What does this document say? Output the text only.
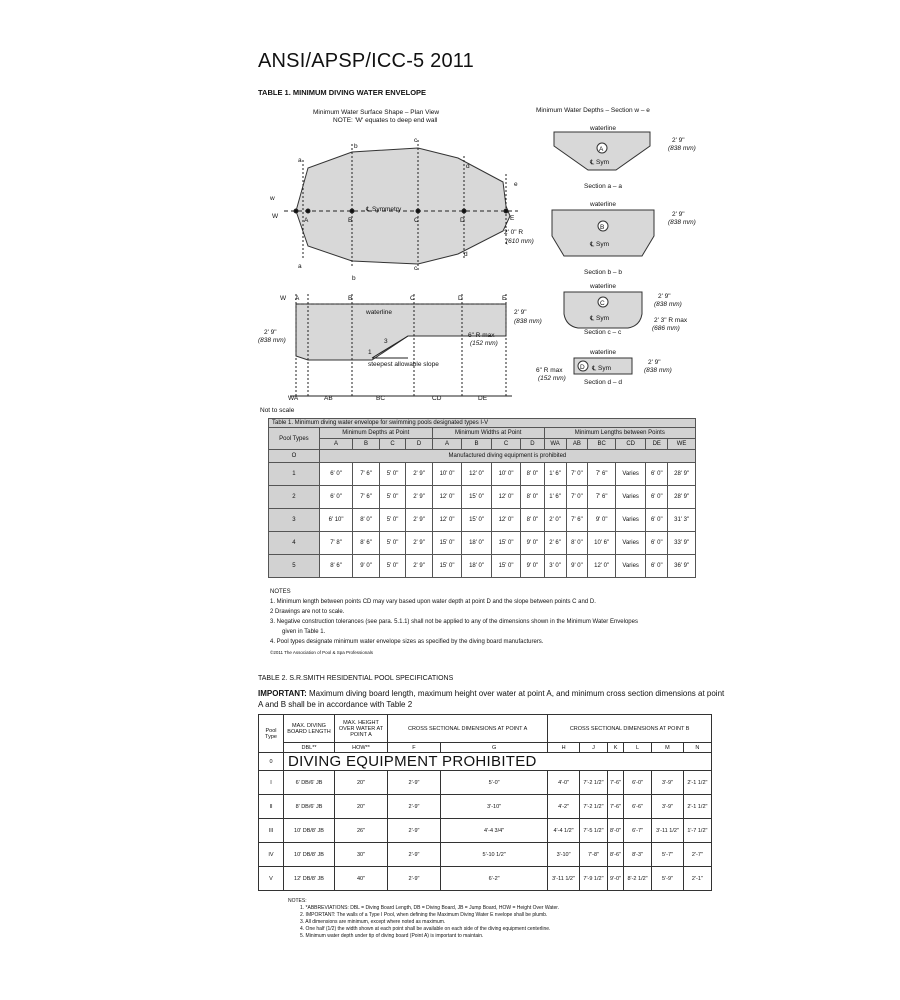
ANSI/APSP/ICC-5 2011
TABLE 1. MINIMUM DIVING WATER ENVELOPE
Minimum Water Surface Shape – Plan View
NOTE: 'W' equates to deep end wall
Minimum Water Depths – Section w – e
W
A	B	C	D	E
w
a
b
c
d
e
a
b
c
d
℄ Symmetry
2' 0" R
(610 mm)
W A	B	C	D	E
waterline
2' 9"
(838 mm)
2' 9"
(838 mm)
6" R max
(152 mm)
3
1
steepest allowable slope
WA	AB	BC	CD	DE
Not to scale
waterline
A
℄ Sym
Section a – a
2' 9"
(838 mm)
waterline
B
℄ Sym
Section b – b
2' 9"
(838 mm)
waterline
C
℄ Sym
Section c – c
2' 9"
(838 mm)
2' 3" R max
(686 mm)
waterline
D ℄ Sym
Section d – d
2' 9"
(838 mm)
6" R max
(152 mm)
Table 1. Minimum diving water envelope for swimming pools designated types I-V														
Pool Types	Minimum Depths at Point				Minimum Widths at Point				Minimum Lengths between Points					
	A	B	C	D	A	B	C	D	WA	AB	BC	CD	DE	WE
O	Manufactured diving equipment is prohibited													
1	6' 0"	7' 6"	5' 0"	2' 9"	10' 0"	12' 0"	10' 0"	8' 0"	1' 6"	7' 0"	7' 6"	Varies	6' 0"	28' 9"
2	6' 0"	7' 6"	5' 0"	2' 9"	12' 0"	15' 0"	12' 0"	8' 0"	1' 6"	7' 0"	7' 6"	Varies	6' 0"	28' 9"
3	6' 10"	8' 0"	5' 0"	2' 9"	12' 0"	15' 0"	12' 0"	8' 0"	2' 0"	7' 6"	9' 0"	Varies	6' 0"	31' 3"
4	7' 8"	8' 6"	5' 0"	2' 9"	15' 0"	18' 0"	15' 0"	9' 0"	2' 6"	8' 0"	10' 6"	Varies	6' 0"	33' 9"
5	8' 6"	9' 0"	5' 0"	2' 9"	15' 0"	18' 0"	15' 0"	9' 0"	3' 0"	9' 0"	12' 0"	Varies	6' 0"	36' 9"
NOTES
1. Minimum length between points CD may vary based upon water depth at point D and the slope between points C and D.
2 Drawings are not to scale.
3. Negative construction tolerances (see para. 5.1.1) shall not be applied to any of the dimensions shown in the Minimum Water Envelopes
given in Table 1.
4. Pool types designate minimum water envelope sizes as specified by the diving board manufacturers.
©2011 The Association of Pool & Spa Professionals
TABLE 2. S.R.SMITH RESIDENTIAL POOL SPECIFICATIONS
IMPORTANT: Maximum diving board length, maximum height over water at point A, and minimum cross section dimensions at point A and B shall be in accordance with Table 2
Pool Type	MAX. DIVING BOARD LENGTH	MAX. HEIGHT OVER WATER AT POINT A	CROSS SECTIONAL DIMENSIONS AT POINT A		CROSS SECTIONAL DIMENSIONS AT POINT B					
	DBL**	HOW**	F	G	H	J	K	L	M	N
0	DIVING EQUIPMENT PROHIBITED									
I	6' DB/6' JB	20"	2'-9"	5'-0"	4'-0"	7'-2 1/2"	7'-6"	6'-0"	3'-9"	2'-1 1/2"
II	8' DB/6' JB	20"	2'-9"	3'-10"	4'-2"	7'-2 1/2"	7'-6"	6'-6"	3'-9"	2'-1 1/2"
III	10' DB/8' JB	26"	2'-9"	4'-4 3/4"	4'-4 1/2"	7'-5 1/2"	8'-0"	6'-7"	3'-11 1/2"	1'-7 1/2"
IV	10' DB/8' JB	30"	2'-9"	5'-10 1/2"	3'-10"	7'-8"	8'-6"	8'-3"	5'-7"	2'-7"
V	12' DB/8' JB	40"	2'-9"	6'-2"	3'-11 1/2"	7'-9 1/2"	9'-0"	8'-2 1/2"	5'-9"	2'-1"
NOTES:
1. *ABBREVIATIONS: DBL = Diving Board Length, DB = Diving Board, JB = Jump Board, HOW = Height Over Water.
2. IMPORTANT: The walls of a Type I Pool, when defining the Maximum Diving Water E nvelope shall be plumb.
3. All dimensions are minimum, except where noted as maximum.
4. One half (1/2) the width shown at each point shall be available on each side of the diving equipment centerline.
5. Minimum water depth under tip of diving board (Point A) is important to maintain.
